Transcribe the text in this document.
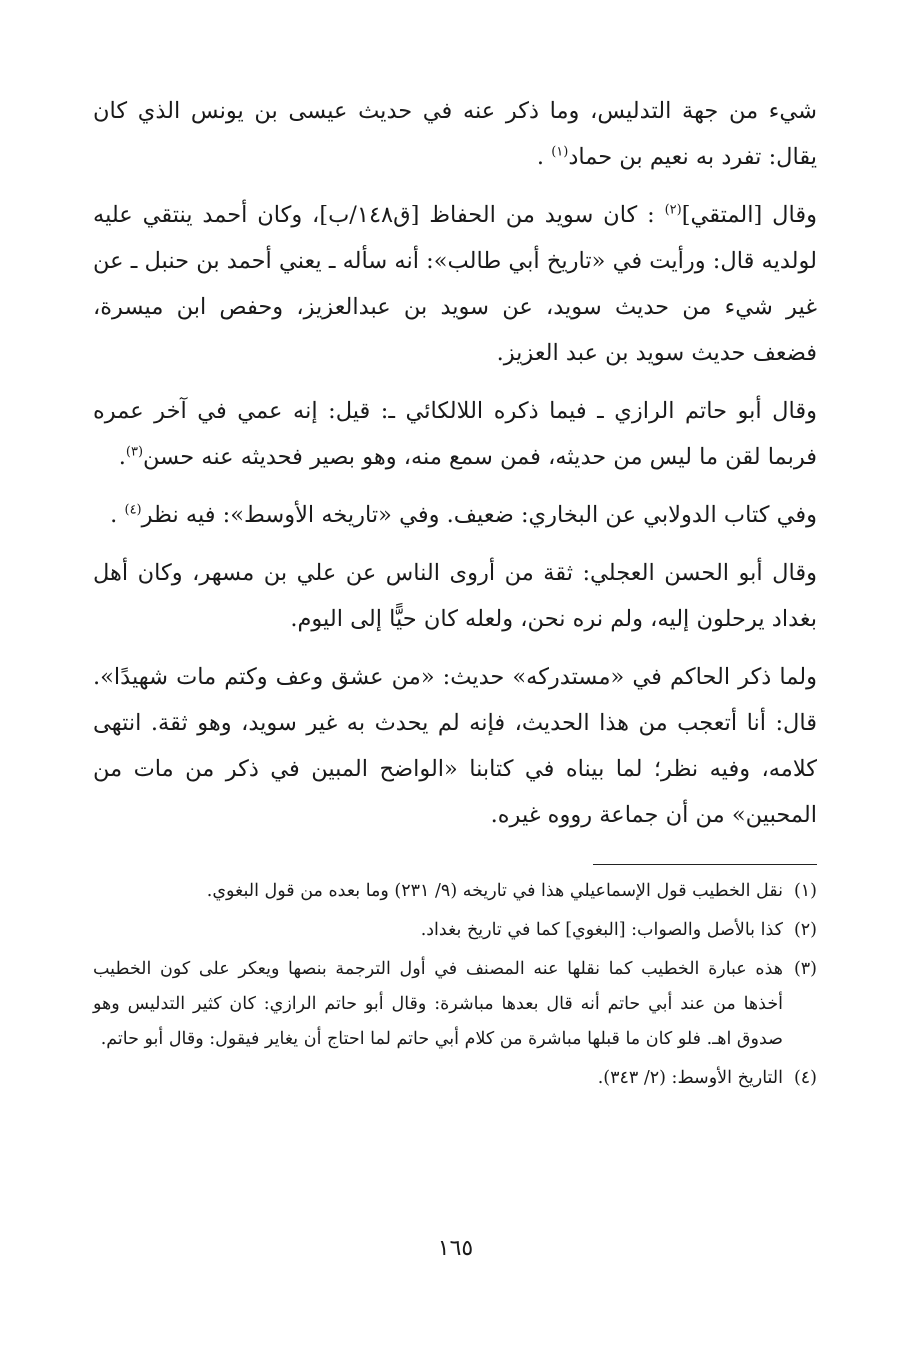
شيء من جهة التدليس، وما ذكر عنه في حديث عيسى بن يونس الذي كان يقال: تفرد به نعيم بن حماد$^{(١)}$ .

وقال [المتقي]$^{(٢)}$ : كان سويد من الحفاظ [ق١٤٨/ب]، وكان أحمد ينتقي عليه لولديه قال: ورأيت في «تاريخ أبي طالب»: أنه سأله ـ يعني أحمد بن حنبل ـ عن غير شيء من حديث سويد، عن سويد بن عبدالعزيز، وحفص ابن ميسرة، فضعف حديث سويد بن عبد العزيز.

وقال أبو حاتم الرازي ـ فيما ذكره اللالكائي ـ: قيل: إنه عمي في آخر عمره فربما لقن ما ليس من حديثه، فمن سمع منه، وهو بصير فحديثه عنه حسن$^{(٣)}$.

وفي كتاب الدولابي عن البخاري: ضعيف. وفي «تاريخه الأوسط»: فيه نظر$^{(٤)}$ .

وقال أبو الحسن العجلي: ثقة من أروى الناس عن علي بن مسهر، وكان أهل بغداد يرحلون إليه، ولم نره نحن، ولعله كان حيًّا إلى اليوم.

ولما ذكر الحاكم في «مستدركه» حديث: «من عشق وعف وكتم مات شهيدًا». قال: أنا أتعجب من هذا الحديث، فإنه لم يحدث به غير سويد، وهو ثقة. انتهى كلامه، وفيه نظر؛ لما بيناه في كتابنا «الواضح المبين في ذكر من مات من المحبين» من أن جماعة رووه غيره.

(١)
نقل الخطيب قول الإسماعيلي هذا في تاريخه (٩/ ٢٣١) وما بعده من قول البغوي.
(٢)
كذا بالأصل والصواب: [البغوي] كما في تاريخ بغداد.
(٣)
هذه عبارة الخطيب كما نقلها عنه المصنف في أول الترجمة بنصها ويعكر على كون الخطيب أخذها من عند أبي حاتم أنه قال بعدها مباشرة: وقال أبو حاتم الرازي: كان كثير التدليس وهو صدوق اهـ. فلو كان ما قبلها مباشرة من كلام أبي حاتم لما احتاج أن يغاير فيقول: وقال أبو حاتم.
(٤)
التاريخ الأوسط: (٢/ ٣٤٣).
١٦٥
